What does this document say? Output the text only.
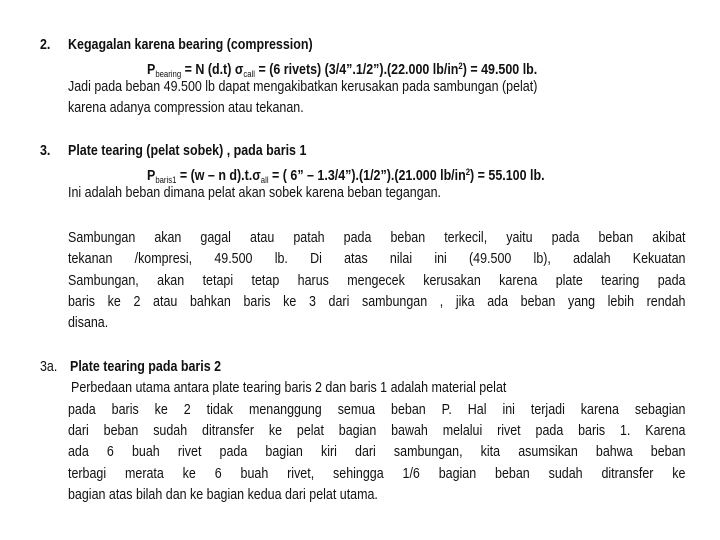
2. Kegagalan karena bearing (compression)
$P_{bearing} = N$ (d.t) $\sigma_{call} = (6$ rivets) (3/4”.1/2”).(22.000 $lb/in^2) = 49.500$ lb.
Jadi pada beban 49.500 lb dapat mengakibatkan kerusakan pada sambungan (pelat)
karena adanya compression atau tekanan.
3. Plate tearing (pelat sobek) , pada baris 1
$P_{baris1} = (w - n$ $d).t.\sigma_{all}$ = ( 6” – 1.3/4”).(1/2”).(21.000 $lb/in^2) = 55.100$ lb.
Ini adalah beban dimana pelat akan sobek karena beban tegangan.
Sambungan akan gagal atau patah pada beban terkecil, yaitu pada beban akibat
tekanan /kompresi, 49.500 lb. Di atas nilai ini (49.500 lb), adalah Kekuatan
Sambungan, akan tetapi tetap harus mengecek kerusakan karena plate tearing pada
baris ke 2 atau bahkan baris ke 3 dari sambungan , jika ada beban yang lebih rendah
disana.
3a. Plate tearing pada baris 2
Perbedaan utama antara plate tearing baris 2 dan baris 1 adalah material pelat
pada baris ke 2 tidak menanggung semua beban P. Hal ini terjadi karena sebagian
dari beban sudah ditransfer ke pelat bagian bawah melalui rivet pada baris 1. Karena
ada 6 buah rivet pada bagian kiri dari sambungan, kita asumsikan bahwa beban
terbagi merata ke 6 buah rivet, sehingga 1/6 bagian beban sudah ditransfer ke
bagian atas bilah dan ke bagian kedua dari pelat utama.
